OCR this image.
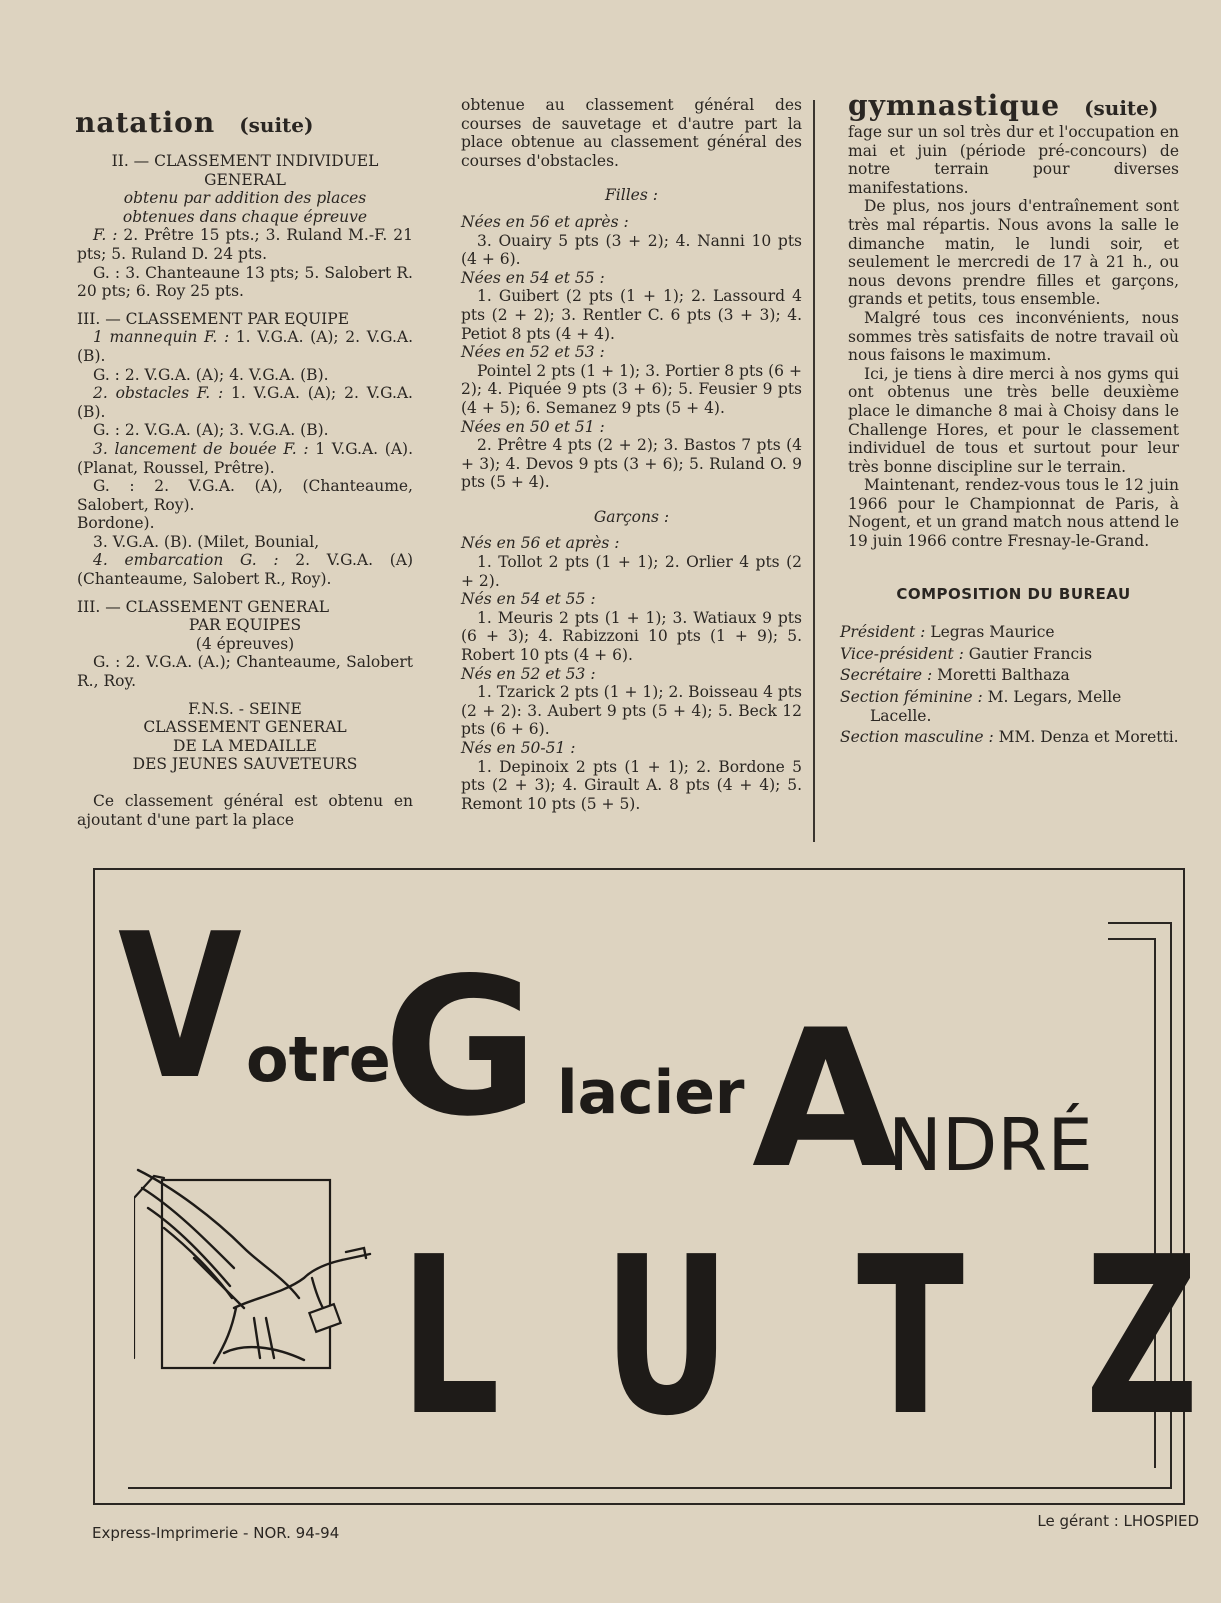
natation (suite)

II. — CLASSEMENT INDIVIDUEL

GENERAL

obtenu par addition des places

obtenues dans chaque épreuve

F. : 2. Prêtre 15 pts.; 3. Ruland M.-F. 21 pts; 5. Ruland D. 24 pts.

G. : 3. Chanteaune 13 pts; 5. Salobert R. 20 pts; 6. Roy 25 pts.

III. — CLASSEMENT PAR EQUIPE

1 mannequin F. : 1. V.G.A. (A); 2. V.G.A. (B).

G. : 2. V.G.A. (A); 4. V.G.A. (B).

2. obstacles F. : 1. V.G.A. (A); 2. V.G.A. (B).

G. : 2. V.G.A. (A); 3. V.G.A. (B).

3. lancement de bouée F. : 1 V.G.A. (A). (Planat, Roussel, Prêtre).

G. : 2. V.G.A. (A), (Chanteaume, Salobert, Roy).

Bordone).

3. V.G.A. (B). (Milet, Bounial,

4. embarcation G. : 2. V.G.A. (A) (Chanteaume, Salobert R., Roy).

III. — CLASSEMENT GENERAL

PAR EQUIPES

(4 épreuves)

G. : 2. V.G.A. (A.); Chanteaume, Salobert R., Roy.

F.N.S. - SEINE

CLASSEMENT GENERAL

DE LA MEDAILLE

DES JEUNES SAUVETEURS

Ce classement général est obtenu en ajoutant d'une part la place

obtenue au classement général des courses de sauvetage et d'autre part la place obtenue au classement général des courses d'obstacles.

Filles :

Nées en 56 et après :

3. Ouairy 5 pts (3 + 2); 4. Nanni 10 pts (4 + 6).

Nées en 54 et 55 :

1. Guibert (2 pts (1 + 1); 2. Lassourd 4 pts (2 + 2); 3. Rentler C. 6 pts (3 + 3); 4. Petiot 8 pts (4 + 4).

Nées en 52 et 53 :

Pointel 2 pts (1 + 1); 3. Portier 8 pts (6 + 2); 4. Piquée 9 pts (3 + 6); 5. Feusier 9 pts (4 + 5); 6. Semanez 9 pts (5 + 4).

Nées en 50 et 51 :

2. Prêtre 4 pts (2 + 2); 3. Bastos 7 pts (4 + 3); 4. Devos 9 pts (3 + 6); 5. Ruland O. 9 pts (5 + 4).

Garçons :

Nés en 56 et après :

1. Tollot 2 pts (1 + 1); 2. Orlier 4 pts (2 + 2).

Nés en 54 et 55 :

1. Meuris 2 pts (1 + 1); 3. Watiaux 9 pts (6 + 3); 4. Rabizzoni 10 pts (1 + 9); 5. Robert 10 pts (4 + 6).

Nés en 52 et 53 :

1. Tzarick 2 pts (1 + 1); 2. Boisseau 4 pts (2 + 2): 3. Aubert 9 pts (5 + 4); 5. Beck 12 pts (6 + 6).

Nés en 50-51 :

1. Depinoix 2 pts (1 + 1); 2. Bordone 5 pts (2 + 3); 4. Girault A. 8 pts (4 + 4); 5. Remont 10 pts (5 + 5).

gymnastique (suite)

fage sur un sol très dur et l'occupation en mai et juin (période pré-concours) de notre terrain pour diverses manifestations.

De plus, nos jours d'entraînement sont très mal répartis. Nous avons la salle le dimanche matin, le lundi soir, et seulement le mercredi de 17 à 21 h., ou nous devons prendre filles et garçons, grands et petits, tous ensemble.

Malgré tous ces inconvénients, nous sommes très satisfaits de notre travail où nous faisons le maximum.

Ici, je tiens à dire merci à nos gyms qui ont obtenus une très belle deuxième place le dimanche 8 mai à Choisy dans le Challenge Hores, et pour le classement individuel de tous et surtout pour leur très bonne discipline sur le terrain.

Maintenant, rendez-vous tous le 12 juin 1966 pour le Championnat de Paris, à Nogent, et un grand match nous attend le 19 juin 1966 contre Fresnay-le-Grand.

COMPOSITION DU BUREAU

Président : Legras Maurice

Vice-président : Gautier Francis

Secrétaire : Moretti Balthaza

Section féminine : M. Legars, Melle Lacelle.

Section masculine : MM. Denza et Moretti.

V otre
G lacier A
NDRÉ
L U T Z
Express-Imprimerie - NOR. 94-94
Le gérant : LHOSPIED
